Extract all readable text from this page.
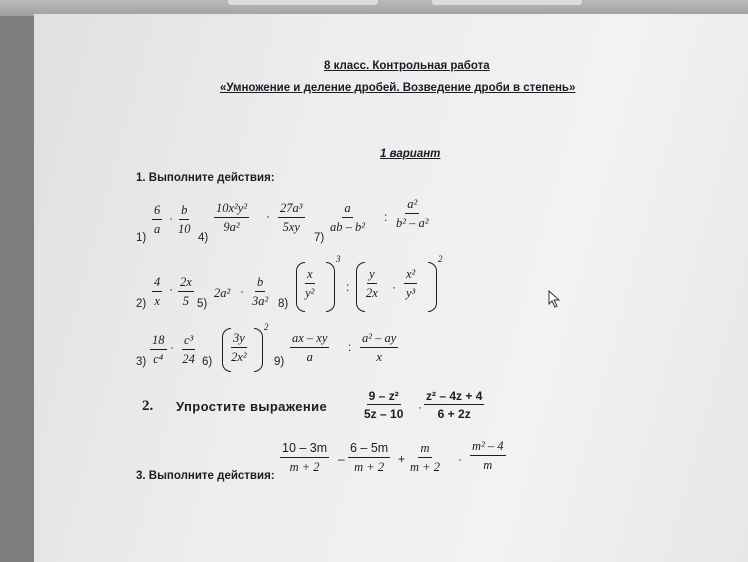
8 класс. Контрольная работа
«Умножение и деление дробей. Возведение дроби в степень»
1 вариант
1. Выполните действия:
1)
6
a
·
b
10
4)
10x²y²
9a²
·
27a³
5xy
7)
a
ab – b²
:
a²
b² – a²
2)
4
x
· 2x
5 5)
2a² ·
b
3a² 8)
x
y²
3
:
y
2x ·
x²
y³
2
3)
18
c⁴
· c³
24 6)
3y
2x²
2
9)
ax – xy
a
:
a² – ay
x
2. Упростите выражение
9 – z²
5z – 10 ·
z² – 4z + 4
6 + 2z
3. Выполните действия:
10 – 3m
m + 2
–
6 – 5m
m + 2
+
m
m + 2
·
m² – 4
m
